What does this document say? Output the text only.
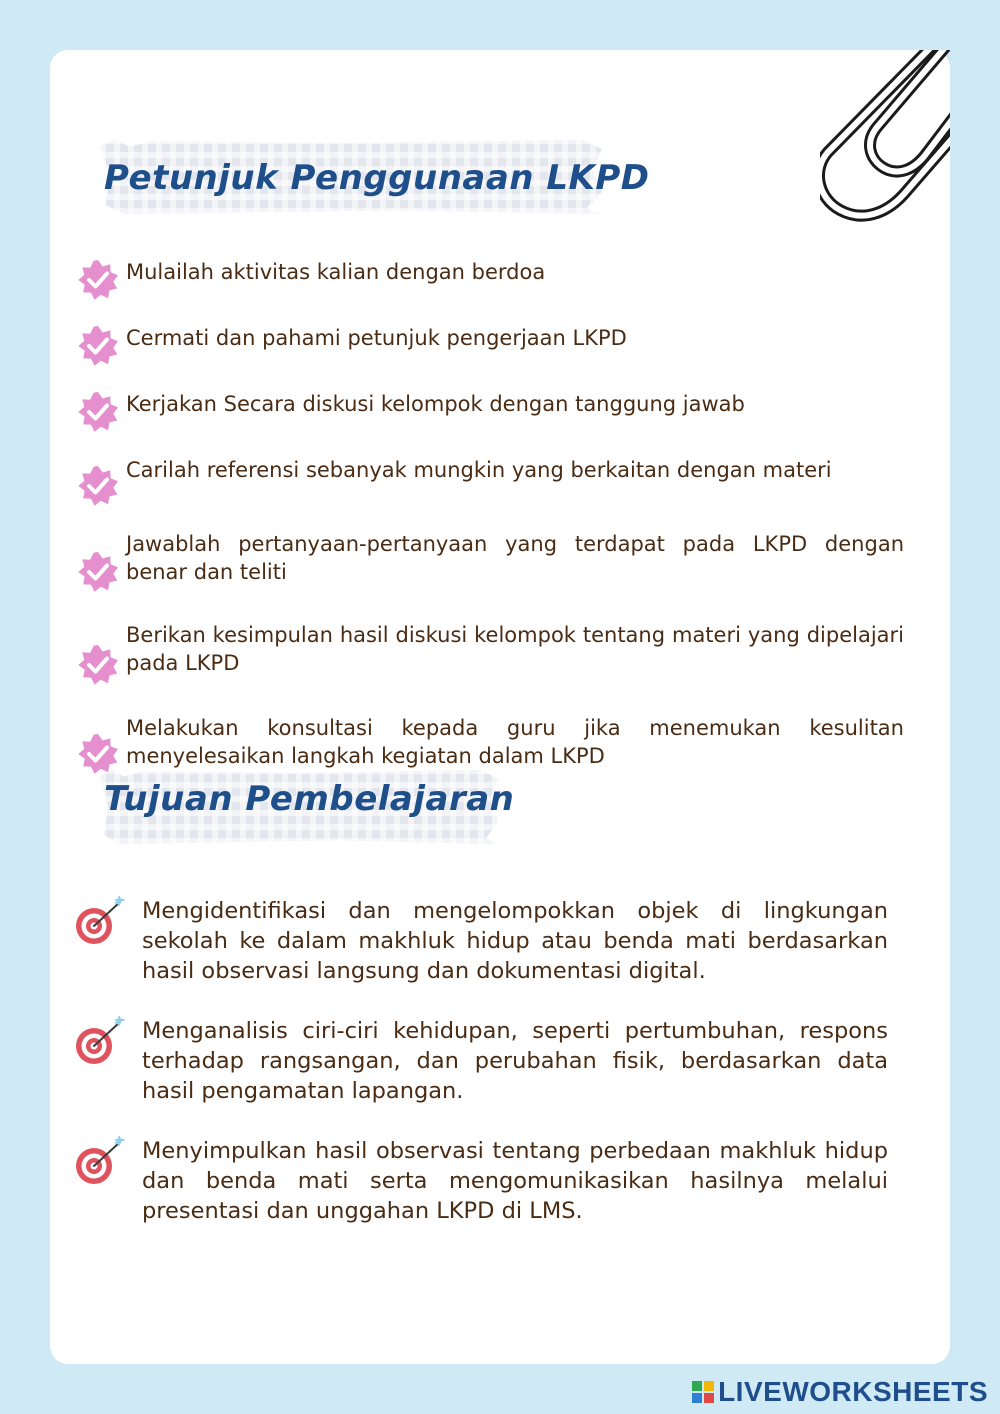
Petunjuk Penggunaan LKPD
Mulailah aktivitas kalian dengan berdoa
Cermati dan pahami petunjuk pengerjaan LKPD
Kerjakan Secara diskusi kelompok dengan tanggung jawab
Carilah referensi sebanyak mungkin yang berkaitan dengan materi
Jawablah pertanyaan-pertanyaan yang terdapat pada LKPD dengan benar dan teliti
Berikan kesimpulan hasil diskusi kelompok tentang materi yang dipelajari pada LKPD
Melakukan konsultasi kepada guru jika menemukan kesulitan menyelesaikan langkah kegiatan dalam LKPD
Tujuan Pembelajaran
Mengidentifikasi dan mengelompokkan objek di lingkungan sekolah ke dalam makhluk hidup atau benda mati berdasarkan hasil observasi langsung dan dokumentasi digital.
Menganalisis ciri-ciri kehidupan, seperti pertumbuhan, respons terhadap rangsangan, dan perubahan fisik, berdasarkan data hasil pengamatan lapangan.
Menyimpulkan hasil observasi tentang perbedaan makhluk hidup dan benda mati serta mengomunikasikan hasilnya melalui presentasi dan unggahan LKPD di LMS.
LIVEWORKSHEETS
